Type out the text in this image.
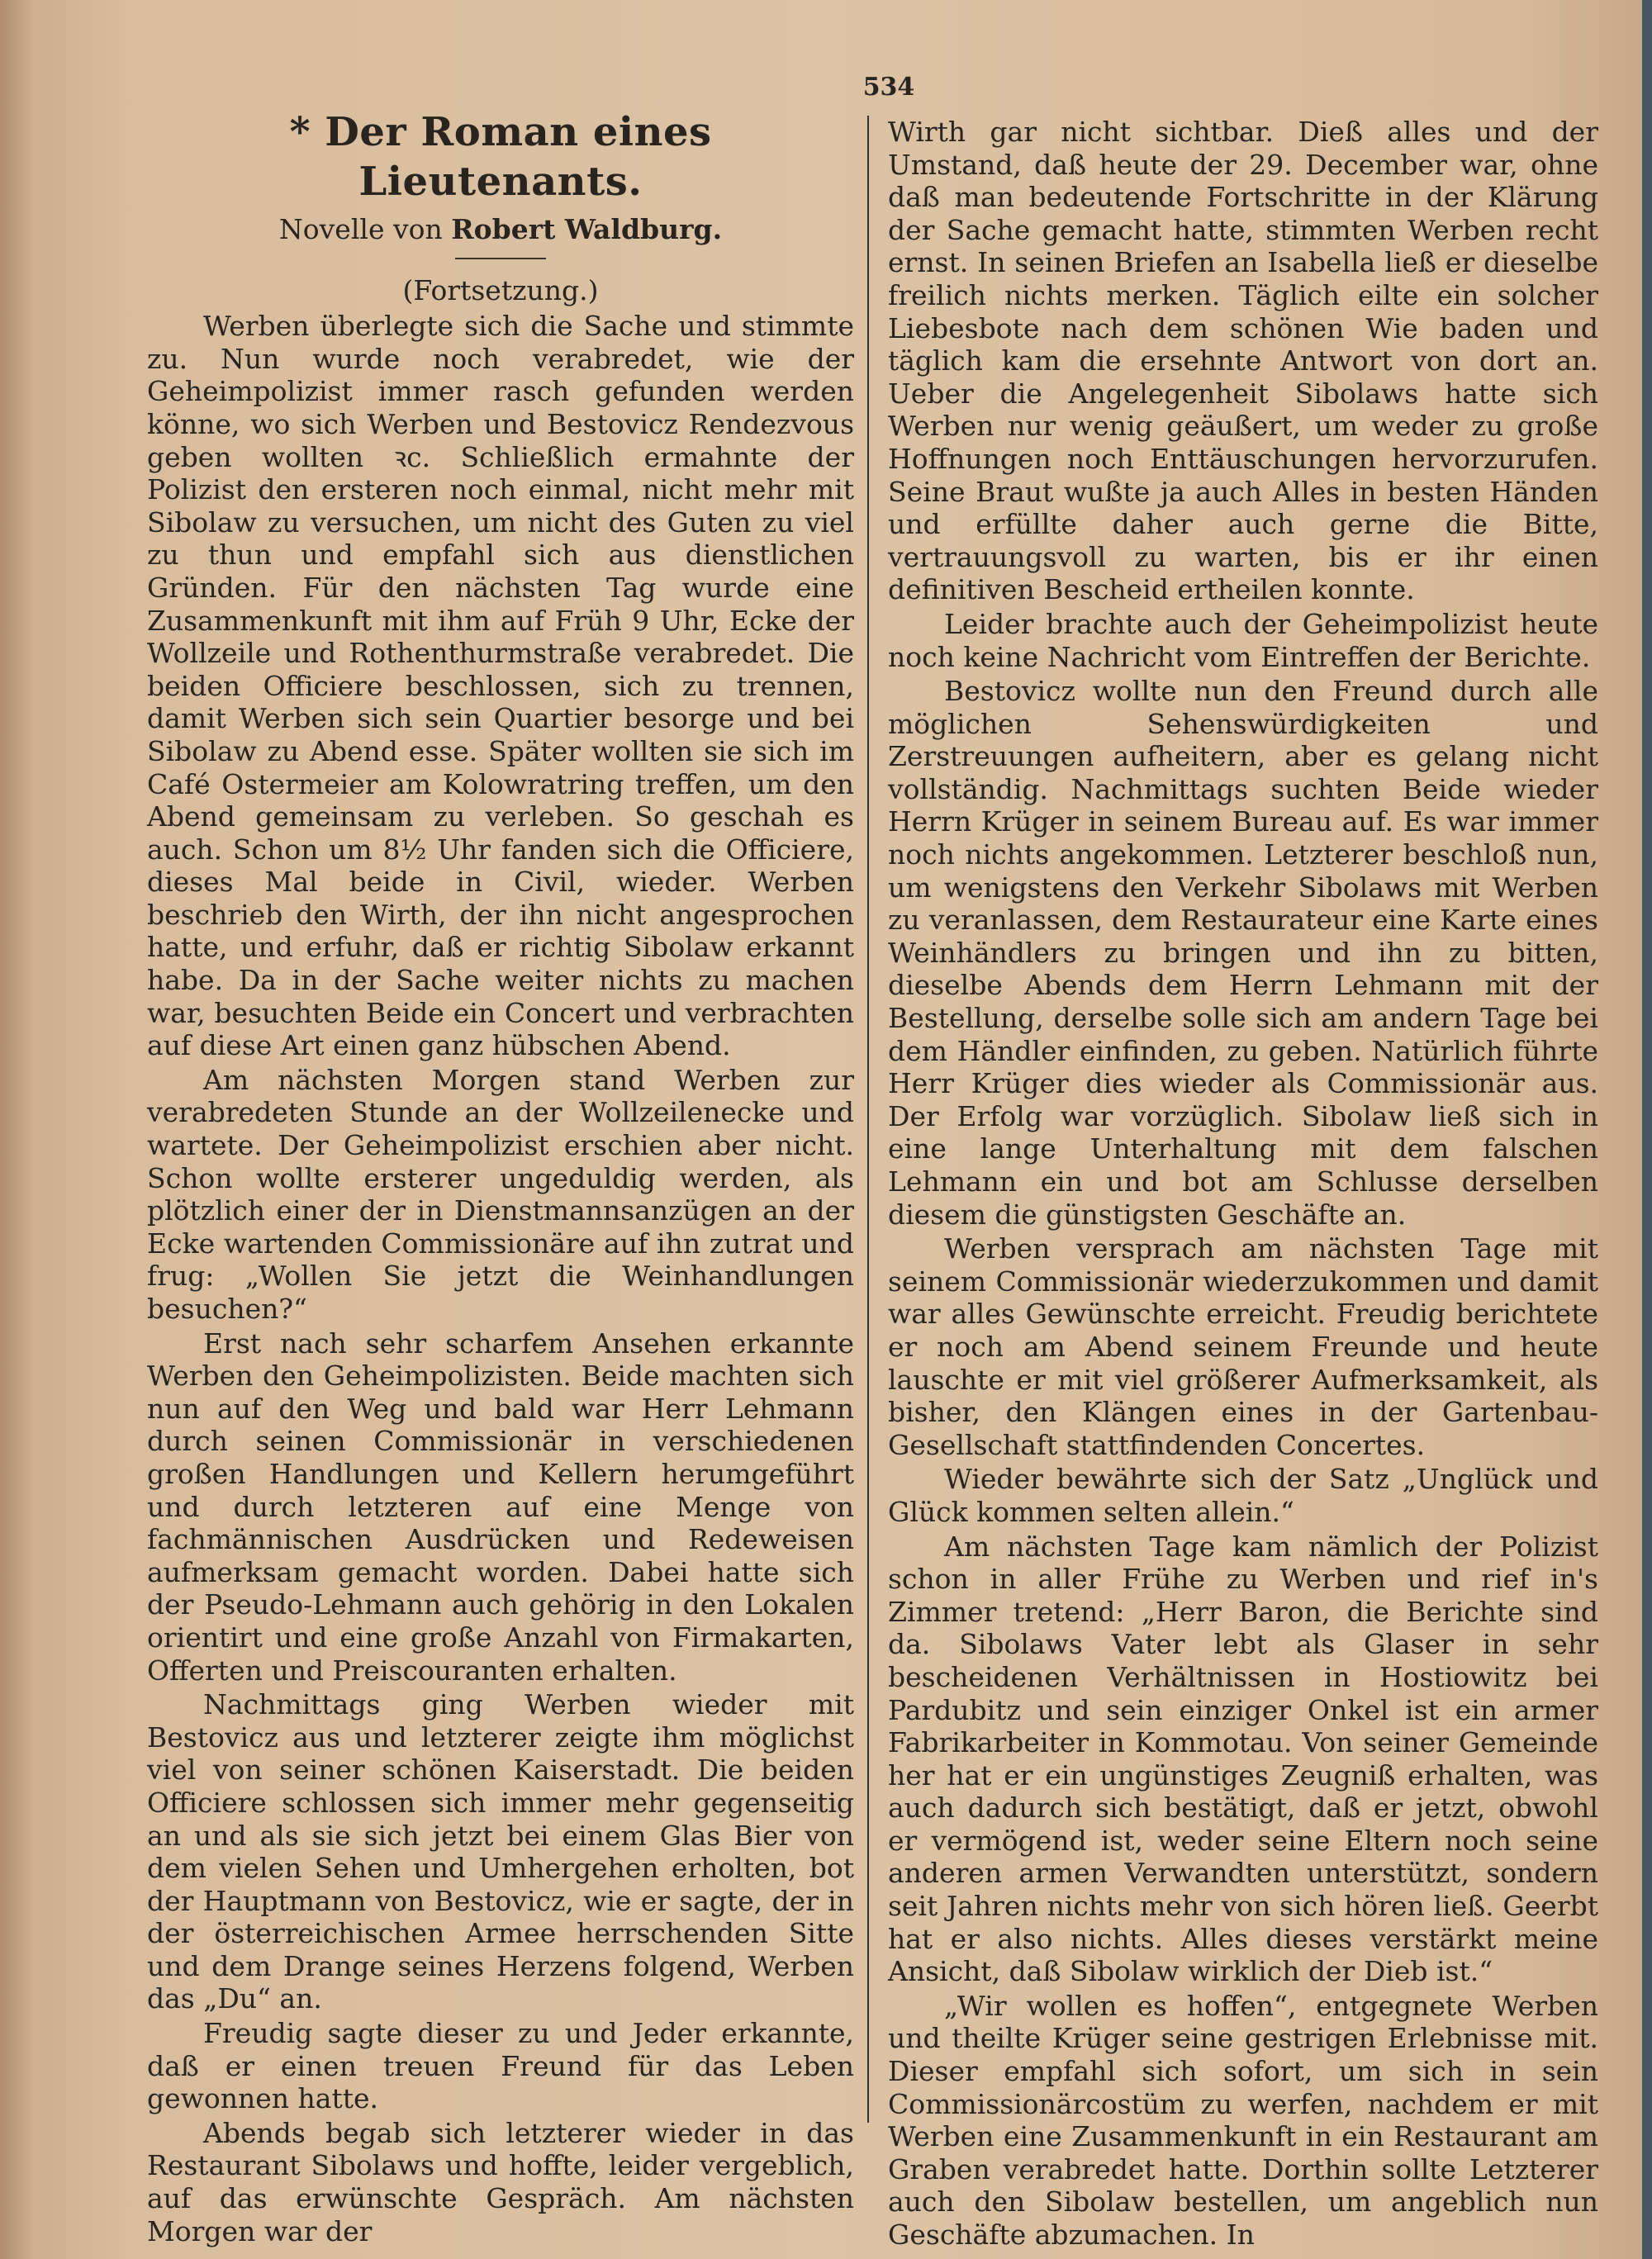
534
* Der Roman eines Lieutenants.
Novelle von Robert Waldburg.
(Fortsetzung.)

Werben überlegte sich die Sache und stimmte zu. Nun wurde noch verabredet, wie der Geheimpolizist immer rasch gefunden werden könne, wo sich Werben und Bestovicz Rendezvous geben wollten ꝛc. Schließlich ermahnte der Polizist den ersteren noch einmal, nicht mehr mit Sibolaw zu versuchen, um nicht des Guten zu viel zu thun und empfahl sich aus dienstlichen Gründen. Für den nächsten Tag wurde eine Zusammenkunft mit ihm auf Früh 9 Uhr, Ecke der Wollzeile und Rothenthurmstraße verabredet. Die beiden Officiere beschlossen, sich zu trennen, damit Werben sich sein Quartier besorge und bei Sibolaw zu Abend esse. Später wollten sie sich im Café Ostermeier am Kolowratring treffen, um den Abend gemeinsam zu verleben. So geschah es auch. Schon um 8½ Uhr fanden sich die Officiere, dieses Mal beide in Civil, wieder. Werben beschrieb den Wirth, der ihn nicht angesprochen hatte, und erfuhr, daß er richtig Sibolaw erkannt habe. Da in der Sache weiter nichts zu machen war, besuchten Beide ein Concert und verbrachten auf diese Art einen ganz hübschen Abend.

Am nächsten Morgen stand Werben zur verabredeten Stunde an der Wollzeilenecke und wartete. Der Geheimpolizist erschien aber nicht. Schon wollte ersterer ungeduldig werden, als plötzlich einer der in Dienstmannsanzügen an der Ecke wartenden Commissionäre auf ihn zutrat und frug: „Wollen Sie jetzt die Weinhandlungen besuchen?“

Erst nach sehr scharfem Ansehen erkannte Werben den Geheimpolizisten. Beide machten sich nun auf den Weg und bald war Herr Lehmann durch seinen Commissionär in verschiedenen großen Handlungen und Kellern herumgeführt und durch letzteren auf eine Menge von fachmännischen Ausdrücken und Redeweisen aufmerksam gemacht worden. Dabei hatte sich der Pseudo-Lehmann auch gehörig in den Lokalen orientirt und eine große Anzahl von Firmakarten, Offerten und Preiscouranten erhalten.

Nachmittags ging Werben wieder mit Bestovicz aus und letzterer zeigte ihm möglichst viel von seiner schönen Kaiserstadt. Die beiden Officiere schlossen sich immer mehr gegenseitig an und als sie sich jetzt bei einem Glas Bier von dem vielen Sehen und Umhergehen erholten, bot der Hauptmann von Bestovicz, wie er sagte, der in der österreichischen Armee herrschenden Sitte und dem Drange seines Herzens folgend, Werben das „Du“ an.

Freudig sagte dieser zu und Jeder erkannte, daß er einen treuen Freund für das Leben gewonnen hatte.

Abends begab sich letzterer wieder in das Restaurant Sibolaws und hoffte, leider vergeblich, auf das erwünschte Gespräch. Am nächsten Morgen war der

Wirth gar nicht sichtbar. Dieß alles und der Umstand, daß heute der 29. December war, ohne daß man bedeutende Fortschritte in der Klärung der Sache gemacht hatte, stimmten Werben recht ernst. In seinen Briefen an Isabella ließ er dieselbe freilich nichts merken. Täglich eilte ein solcher Liebesbote nach dem schönen Wie baden und täglich kam die ersehnte Antwort von dort an. Ueber die Angelegenheit Sibolaws hatte sich Werben nur wenig geäußert, um weder zu große Hoffnungen noch Enttäuschungen hervorzurufen. Seine Braut wußte ja auch Alles in besten Händen und erfüllte daher auch gerne die Bitte, vertrauungsvoll zu warten, bis er ihr einen definitiven Bescheid ertheilen konnte.

Leider brachte auch der Geheimpolizist heute noch keine Nachricht vom Eintreffen der Berichte.

Bestovicz wollte nun den Freund durch alle möglichen Sehenswürdigkeiten und Zerstreuungen aufheitern, aber es gelang nicht vollständig. Nachmittags suchten Beide wieder Herrn Krüger in seinem Bureau auf. Es war immer noch nichts angekommen. Letzterer beschloß nun, um wenigstens den Verkehr Sibolaws mit Werben zu veranlassen, dem Restaurateur eine Karte eines Weinhändlers zu bringen und ihn zu bitten, dieselbe Abends dem Herrn Lehmann mit der Bestellung, derselbe solle sich am andern Tage bei dem Händler einfinden, zu geben. Natürlich führte Herr Krüger dies wieder als Commissionär aus. Der Erfolg war vorzüglich. Sibolaw ließ sich in eine lange Unterhaltung mit dem falschen Lehmann ein und bot am Schlusse derselben diesem die günstigsten Geschäfte an.

Werben versprach am nächsten Tage mit seinem Commissionär wiederzukommen und damit war alles Gewünschte erreicht. Freudig berichtete er noch am Abend seinem Freunde und heute lauschte er mit viel größerer Aufmerksamkeit, als bisher, den Klängen eines in der Gartenbau-Gesellschaft stattfindenden Concertes.

Wieder bewährte sich der Satz „Unglück und Glück kommen selten allein.“

Am nächsten Tage kam nämlich der Polizist schon in aller Frühe zu Werben und rief in's Zimmer tretend: „Herr Baron, die Berichte sind da. Sibolaws Vater lebt als Glaser in sehr bescheidenen Verhältnissen in Hostiowitz bei Pardubitz und sein einziger Onkel ist ein armer Fabrikarbeiter in Kommotau. Von seiner Gemeinde her hat er ein ungünstiges Zeugniß erhalten, was auch dadurch sich bestätigt, daß er jetzt, obwohl er vermögend ist, weder seine Eltern noch seine anderen armen Verwandten unterstützt, sondern seit Jahren nichts mehr von sich hören ließ. Geerbt hat er also nichts. Alles dieses verstärkt meine Ansicht, daß Sibolaw wirklich der Dieb ist.“

„Wir wollen es hoffen“, entgegnete Werben und theilte Krüger seine gestrigen Erlebnisse mit. Dieser empfahl sich sofort, um sich in sein Commissionärcostüm zu werfen, nachdem er mit Werben eine Zusammenkunft in ein Restaurant am Graben verabredet hatte. Dorthin sollte Letzterer auch den Sibolaw bestellen, um angeblich nun Geschäfte abzumachen. In
